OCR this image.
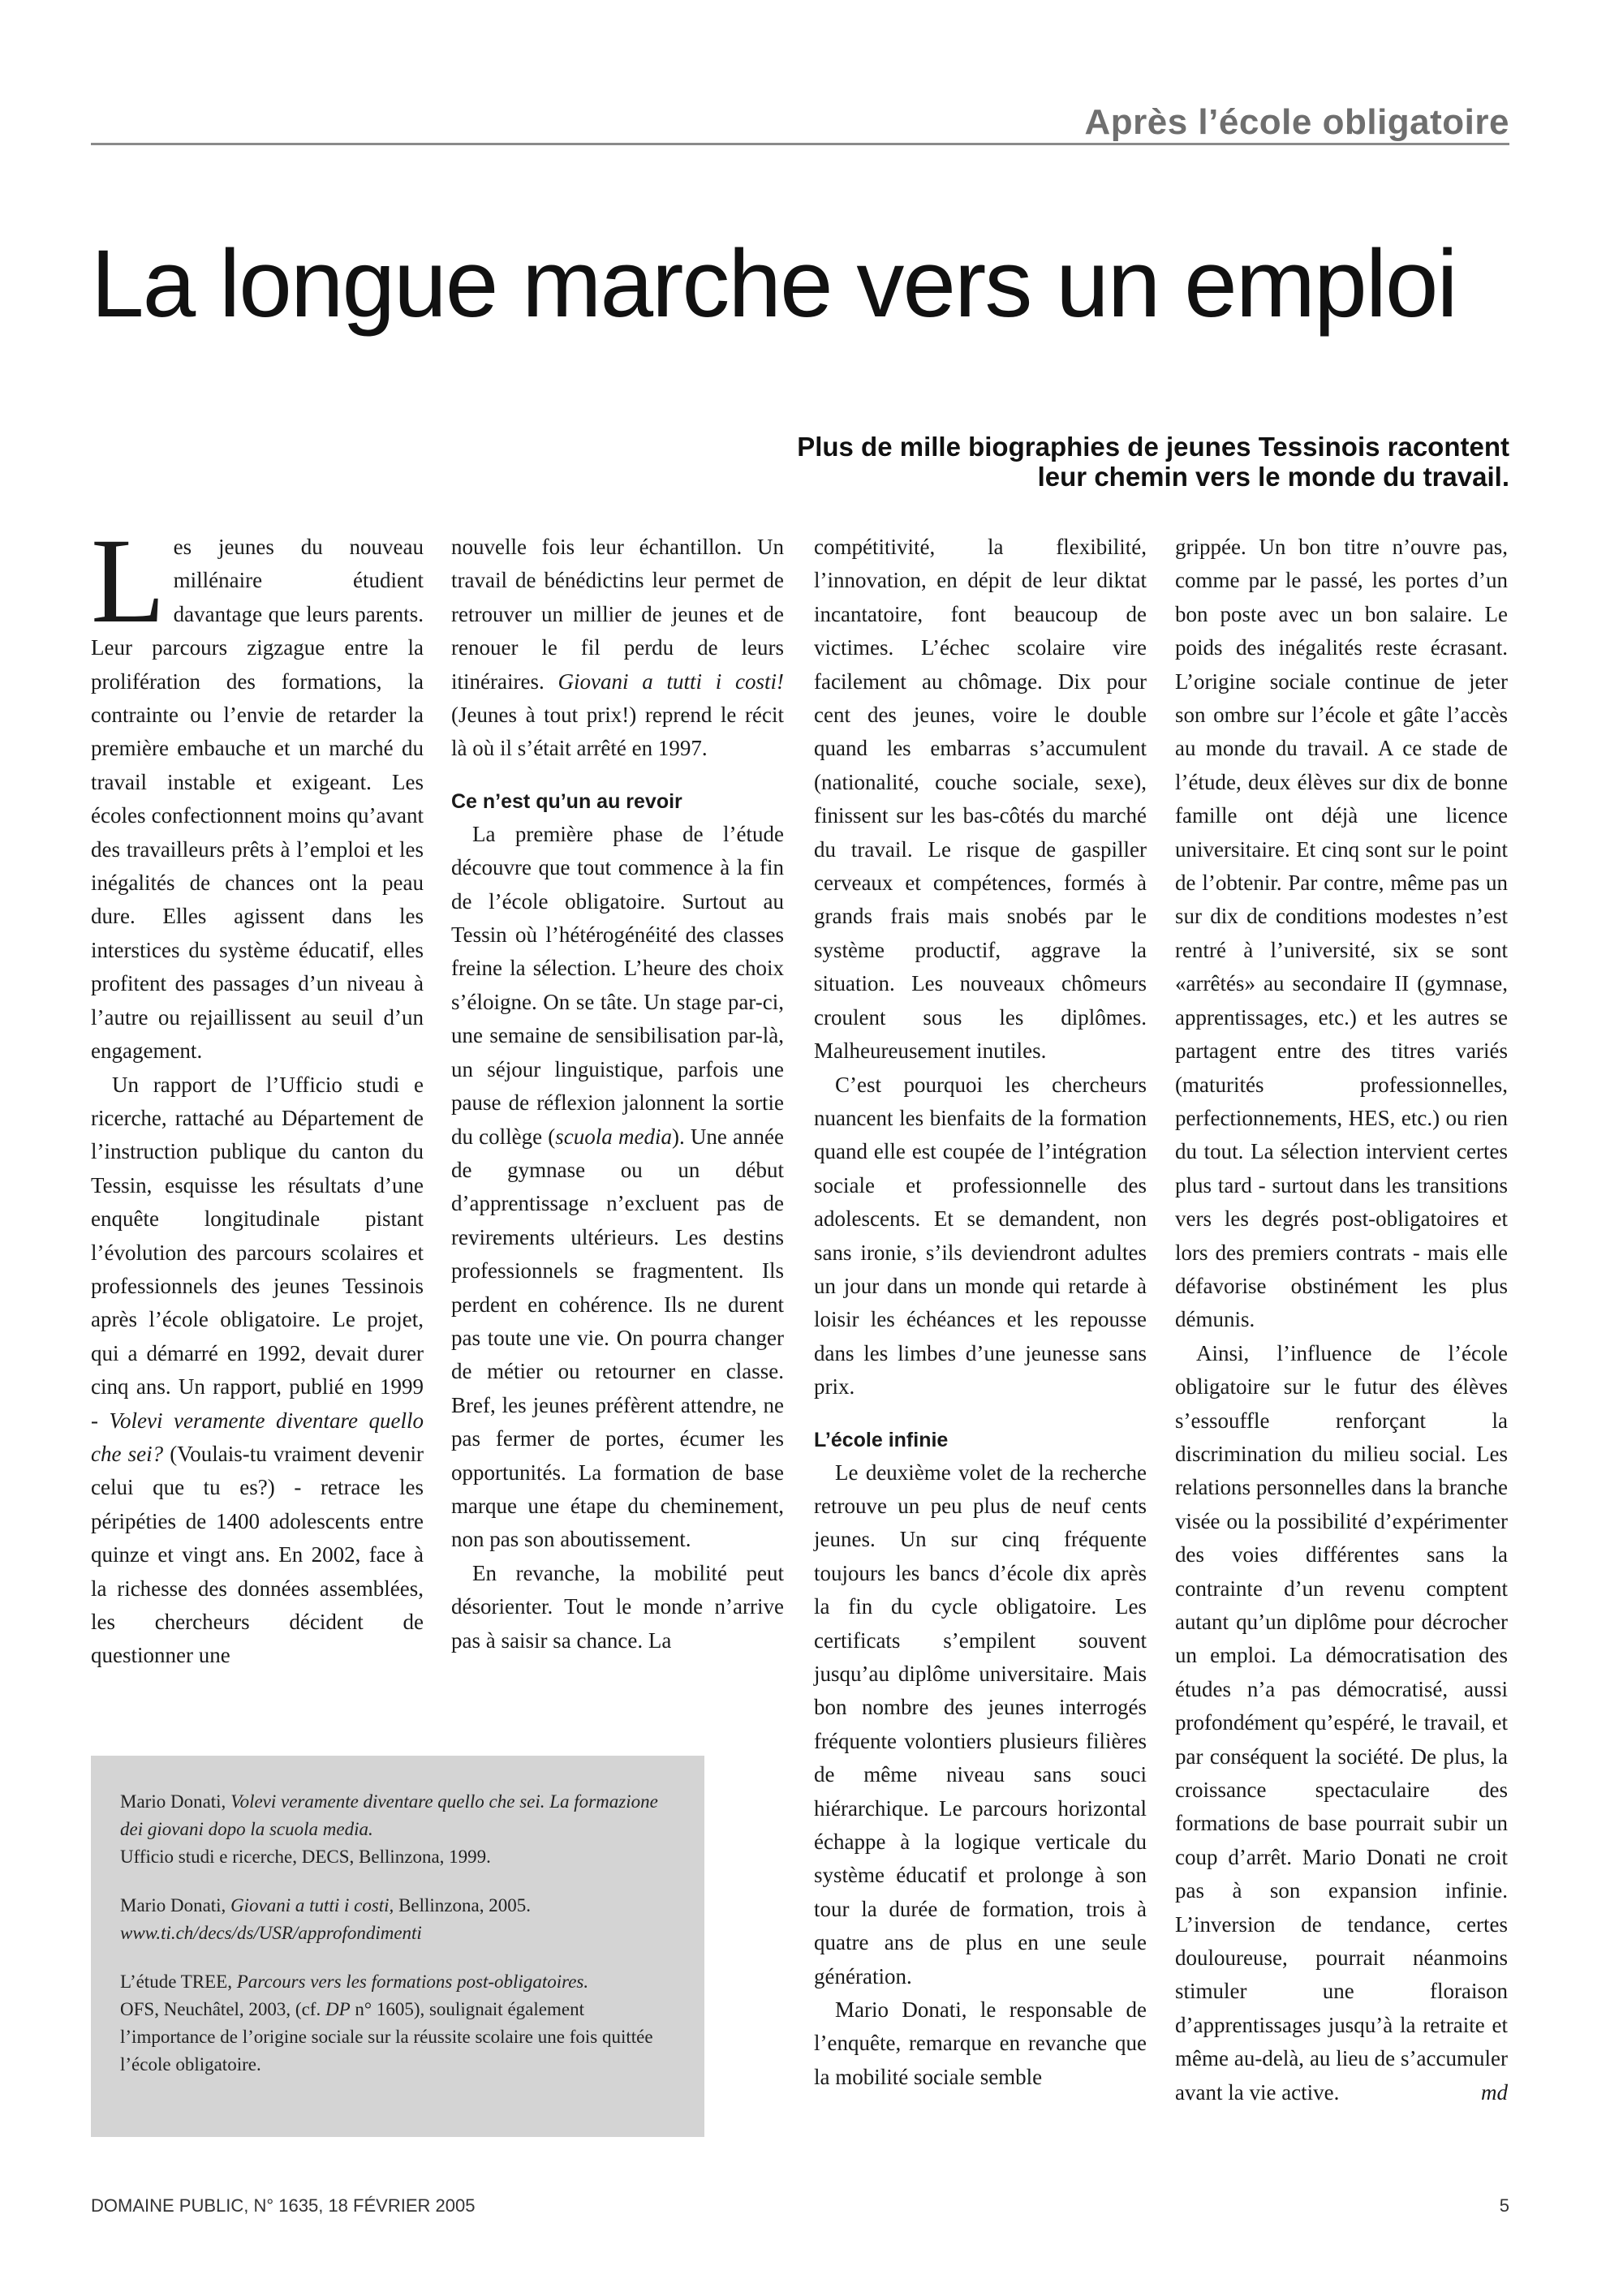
Après l’école obligatoire
La longue marche vers un emploi
Plus de mille biographies de jeunes Tessinois racontent
leur chemin vers le monde du travail.

Les jeunes du nouveau millénaire étudient davantage que leurs parents. Leur parcours zigzague entre la prolifération des formations, la contrainte ou l’envie de retarder la première embauche et un marché du travail instable et exigeant. Les écoles confectionnent moins qu’avant des travailleurs prêts à l’emploi et les inégalités de chances ont la peau dure. Elles agissent dans les interstices du système éducatif, elles profitent des passages d’un niveau à l’autre ou rejaillissent au seuil d’un engagement.

Un rapport de l’Ufficio studi e ricerche, rattaché au Département de l’instruction publique du canton du Tessin, esquisse les résultats d’une enquête longitudinale pistant l’évolution des parcours scolaires et professionnels des jeunes Tessinois après l’école obligatoire. Le projet, qui a démarré en 1992, devait durer cinq ans. Un rapport, publié en 1999 - Volevi veramente diventare quello che sei? (Voulais-tu vraiment devenir celui que tu es?) - retrace les péripéties de 1400 adolescents entre quinze et vingt ans. En 2002, face à la richesse des données assemblées, les chercheurs décident de questionner une

nouvelle fois leur échantillon. Un travail de bénédictins leur permet de retrouver un millier de jeunes et de renouer le fil perdu de leurs itinéraires. Giovani a tutti i costi! (Jeunes à tout prix!) reprend le récit là où il s’était arrêté en 1997.

Ce n’est qu’un au revoir

La première phase de l’étude découvre que tout commence à la fin de l’école obligatoire. Surtout au Tessin où l’hétérogénéité des classes freine la sélection. L’heure des choix s’éloigne. On se tâte. Un stage par-ci, une semaine de sensibilisation par-là, un séjour linguistique, parfois une pause de réflexion jalonnent la sortie du collège (scuola media). Une année de gymnase ou un début d’apprentissage n’excluent pas de revirements ultérieurs. Les destins professionnels se fragmentent. Ils perdent en cohérence. Ils ne durent pas toute une vie. On pourra changer de métier ou retourner en classe. Bref, les jeunes préfèrent attendre, ne pas fermer de portes, écumer les opportunités. La formation de base marque une étape du cheminement, non pas son aboutissement.

En revanche, la mobilité peut désorienter. Tout le monde n’arrive pas à saisir sa chance. La

compétitivité, la flexibilité, l’innovation, en dépit de leur diktat incantatoire, font beaucoup de victimes. L’échec scolaire vire facilement au chômage. Dix pour cent des jeunes, voire le double quand les embarras s’accumulent (nationalité, couche sociale, sexe), finissent sur les bas-côtés du marché du travail. Le risque de gaspiller cerveaux et compétences, formés à grands frais mais snobés par le système productif, aggrave la situation. Les nouveaux chômeurs croulent sous les diplômes. Malheureusement inutiles.

C’est pourquoi les chercheurs nuancent les bienfaits de la formation quand elle est coupée de l’intégration sociale et professionnelle des adolescents. Et se demandent, non sans ironie, s’ils deviendront adultes un jour dans un monde qui retarde à loisir les échéances et les repousse dans les limbes d’une jeunesse sans prix.

L’école infinie

Le deuxième volet de la recherche retrouve un peu plus de neuf cents jeunes. Un sur cinq fréquente toujours les bancs d’école dix après la fin du cycle obligatoire. Les certificats s’empilent souvent jusqu’au diplôme universitaire. Mais bon nombre des jeunes interrogés fréquente volontiers plusieurs filières de même niveau sans souci hiérarchique. Le parcours horizontal échappe à la logique verticale du système éducatif et prolonge à son tour la durée de formation, trois à quatre ans de plus en une seule génération.

Mario Donati, le responsable de l’enquête, remarque en revanche que la mobilité sociale semble

grippée. Un bon titre n’ouvre pas, comme par le passé, les portes d’un bon poste avec un bon salaire. Le poids des inégalités reste écrasant. L’origine sociale continue de jeter son ombre sur l’école et gâte l’accès au monde du travail. A ce stade de l’étude, deux élèves sur dix de bonne famille ont déjà une licence universitaire. Et cinq sont sur le point de l’obtenir. Par contre, même pas un sur dix de conditions modestes n’est rentré à l’université, six se sont «arrêtés» au secondaire II (gymnase, apprentissages, etc.) et les autres se partagent entre des titres variés (maturités professionnelles, perfectionnements, HES, etc.) ou rien du tout. La sélection intervient certes plus tard - surtout dans les transitions vers les degrés post-obligatoires et lors des premiers contrats - mais elle défavorise obstinément les plus démunis.

Ainsi, l’influence de l’école obligatoire sur le futur des élèves s’essouffle renforçant la discrimination du milieu social. Les relations personnelles dans la branche visée ou la possibilité d’expérimenter des voies différentes sans la contrainte d’un revenu comptent autant qu’un diplôme pour décrocher un emploi. La démocratisation des études n’a pas démocratisé, aussi profondément qu’espéré, le travail, et par conséquent la société. De plus, la croissance spectaculaire des formations de base pourrait subir un coup d’arrêt. Mario Donati ne croit pas à son expansion infinie. L’inversion de tendance, certes douloureuse, pourrait néanmoins stimuler une floraison d’apprentissages jusqu’à la retraite et même au-delà, au lieu de s’accumuler avant la vie active.	md

Mario Donati, Volevi veramente diventare quello che sei. La formazione dei giovani dopo la scuola media.
Ufficio studi e ricerche, DECS, Bellinzona, 1999.

Mario Donati, Giovani a tutti i costi, Bellinzona, 2005.
www.ti.ch/decs/ds/USR/approfondimenti

L’étude TREE, Parcours vers les formations post-obligatoires.
OFS, Neuchâtel, 2003, (cf. DP n° 1605), soulignait également l’importance de l’origine sociale sur la réussite scolaire une fois quittée l’école obligatoire.

DOMAINE PUBLIC, N° 1635, 18 FÉVRIER 2005	5
